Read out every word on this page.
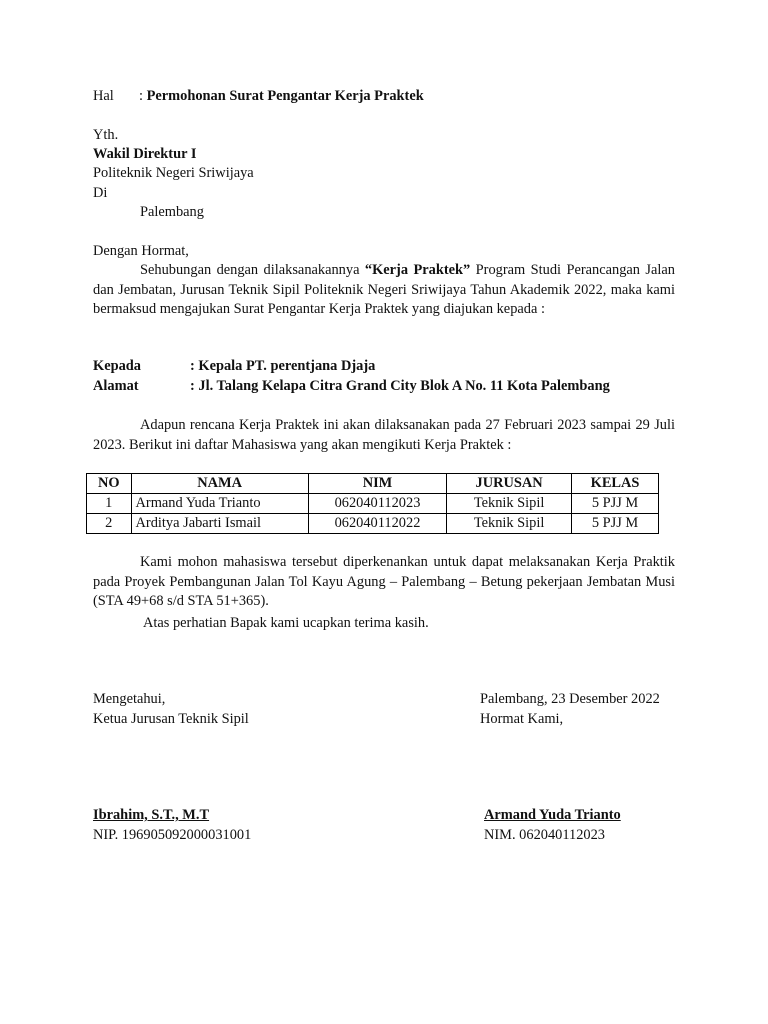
Hal : Permohonan Surat Pengantar Kerja Praktek
Yth.
Wakil Direktur I
Politeknik Negeri Sriwijaya
Di
Palembang
Dengan Hormat,
Sehubungan dengan dilaksanakannya “Kerja Praktek” Program Studi Perancangan Jalan dan Jembatan, Jurusan Teknik Sipil Politeknik Negeri Sriwijaya Tahun Akademik 2022, maka kami bermaksud mengajukan Surat Pengantar Kerja Praktek yang diajukan kepada :
Kepada	: Kepala PT. perentjana Djaja
Alamat	: Jl. Talang Kelapa Citra Grand City Blok A No. 11 Kota Palembang
Adapun rencana Kerja Praktek ini akan dilaksanakan pada 27 Februari 2023 sampai 29 Juli 2023. Berikut ini daftar Mahasiswa yang akan mengikuti Kerja Praktek :
NO	NAMA	NIM	JURUSAN	KELAS
1	Armand Yuda Trianto	062040112023	Teknik Sipil	5 PJJ M
2	Arditya Jabarti Ismail	062040112022	Teknik Sipil	5 PJJ M
Kami mohon mahasiswa tersebut diperkenankan untuk dapat melaksanakan Kerja Praktik pada Proyek Pembangunan Jalan Tol Kayu Agung – Palembang – Betung pekerjaan Jembatan Musi (STA 49+68 s/d STA 51+365).
Atas perhatian Bapak kami ucapkan terima kasih.
Mengetahui,
Ketua Jurusan Teknik Sipil
Ibrahim, S.T., M.T
NIP. 196905092000031001
Palembang, 23 Desember 2022
Hormat Kami,
Armand Yuda Trianto
NIM. 062040112023
